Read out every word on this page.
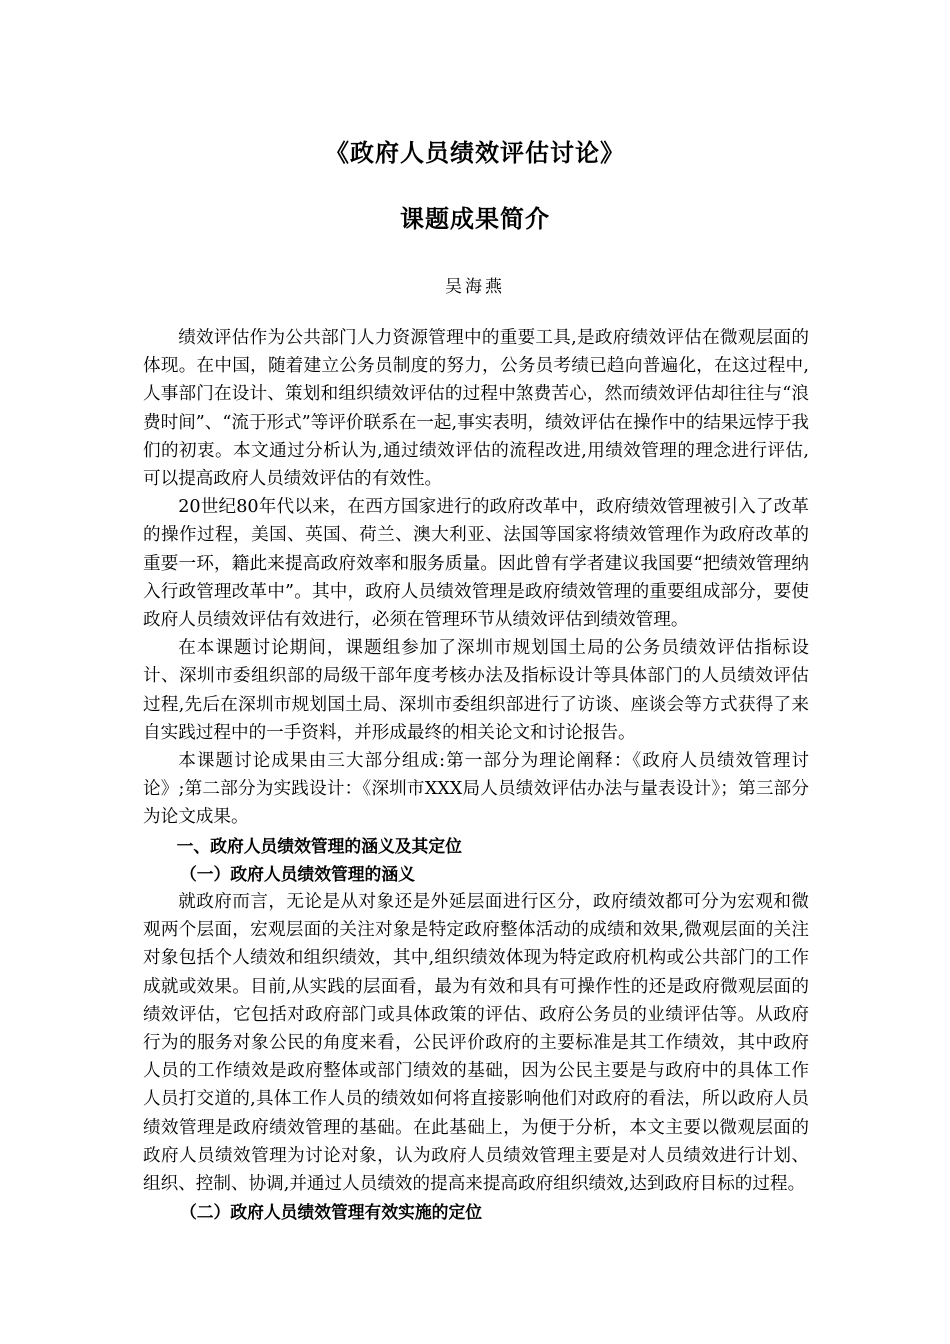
《政府人员绩效评估讨论》
课题成果简介
吴海燕

绩效评估作为公共部门人力资源管理中的重要工具,是政府绩效评估在微观层面的体现。在中国，随着建立公务员制度的努力，公务员考绩已趋向普遍化，在这过程中,人事部门在设计、策划和组织绩效评估的过程中煞费苦心，然而绩效评估却往往与“浪费时间”、“流于形式”等评价联系在一起,事实表明，绩效评估在操作中的结果远悖于我们的初衷。本文通过分析认为,通过绩效评估的流程改进,用绩效管理的理念进行评估,可以提高政府人员绩效评估的有效性。

20世纪80年代以来，在西方国家进行的政府改革中，政府绩效管理被引入了改革的操作过程，美国、英国、荷兰、澳大利亚、法国等国家将绩效管理作为政府改革的重要一环，籍此来提高政府效率和服务质量。因此曾有学者建议我国要“把绩效管理纳入行政管理改革中”。其中，政府人员绩效管理是政府绩效管理的重要组成部分，要使政府人员绩效评估有效进行，必须在管理环节从绩效评估到绩效管理。

在本课题讨论期间，课题组参加了深圳市规划国土局的公务员绩效评估指标设计、深圳市委组织部的局级干部年度考核办法及指标设计等具体部门的人员绩效评估过程,先后在深圳市规划国土局、深圳市委组织部进行了访谈、座谈会等方式获得了来自实践过程中的一手资料，并形成最终的相关论文和讨论报告。

本课题讨论成果由三大部分组成:第一部分为理论阐释：《政府人员绩效管理讨论》;第二部分为实践设计：《深圳市XXX局人员绩效评估办法与量表设计》；第三部分为论文成果。

一、政府人员绩效管理的涵义及其定位
（一）政府人员绩效管理的涵义

就政府而言，无论是从对象还是外延层面进行区分，政府绩效都可分为宏观和微观两个层面，宏观层面的关注对象是特定政府整体活动的成绩和效果,微观层面的关注对象包括个人绩效和组织绩效，其中,组织绩效体现为特定政府机构或公共部门的工作成就或效果。目前,从实践的层面看，最为有效和具有可操作性的还是政府微观层面的绩效评估，它包括对政府部门或具体政策的评估、政府公务员的业绩评估等。从政府行为的服务对象公民的角度来看，公民评价政府的主要标准是其工作绩效，其中政府人员的工作绩效是政府整体或部门绩效的基础，因为公民主要是与政府中的具体工作人员打交道的,具体工作人员的绩效如何将直接影响他们对政府的看法，所以政府人员绩效管理是政府绩效管理的基础。在此基础上，为便于分析，本文主要以微观层面的政府人员绩效管理为讨论对象，认为政府人员绩效管理主要是对人员绩效进行计划、组织、控制、协调,并通过人员绩效的提高来提高政府组织绩效,达到政府目标的过程。

（二）政府人员绩效管理有效实施的定位
